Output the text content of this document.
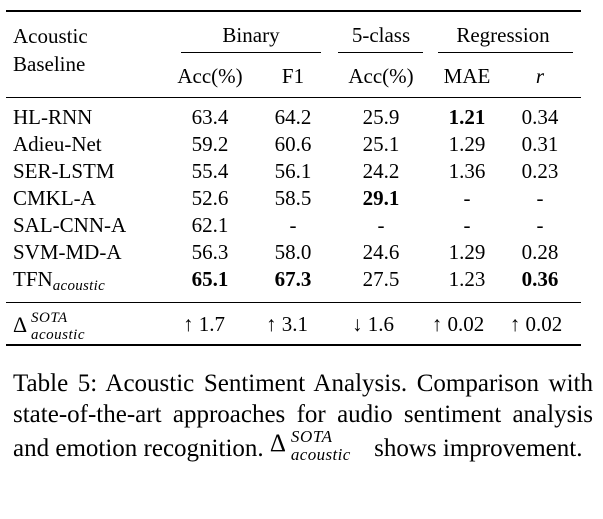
Acoustic
Baseline
Binary	5-class Regression
Acc(%) F1 Acc(%) MAE r
HL-RNN	63.4 64.2 25.9 1.21 0.34
Adieu-Net	59.2 60.6 25.1 1.29 0.31
SER-LSTM	55.4 56.1 24.2 1.36 0.23
CMKL-A	52.6 58.5 29.1	-	-
SAL-CNN-A	62.1	-	-	-	-
SVM-MD-A	56.3 58.0 24.6 1.29 0.28
$TFN_{acoustic}$	65.1 67.3 27.5 1.23 0.36
Δ SOTA
acoustic	↑ 1.7 ↑ 3.1 ↓ 1.6 ↑ 0.02 ↑ 0.02
Table 5: Acoustic Sentiment Analysis. Comparison with state-of-the-art approaches for audio sentiment analysis and emotion recognition. Δ SOTA
acoustic shows improvement.
